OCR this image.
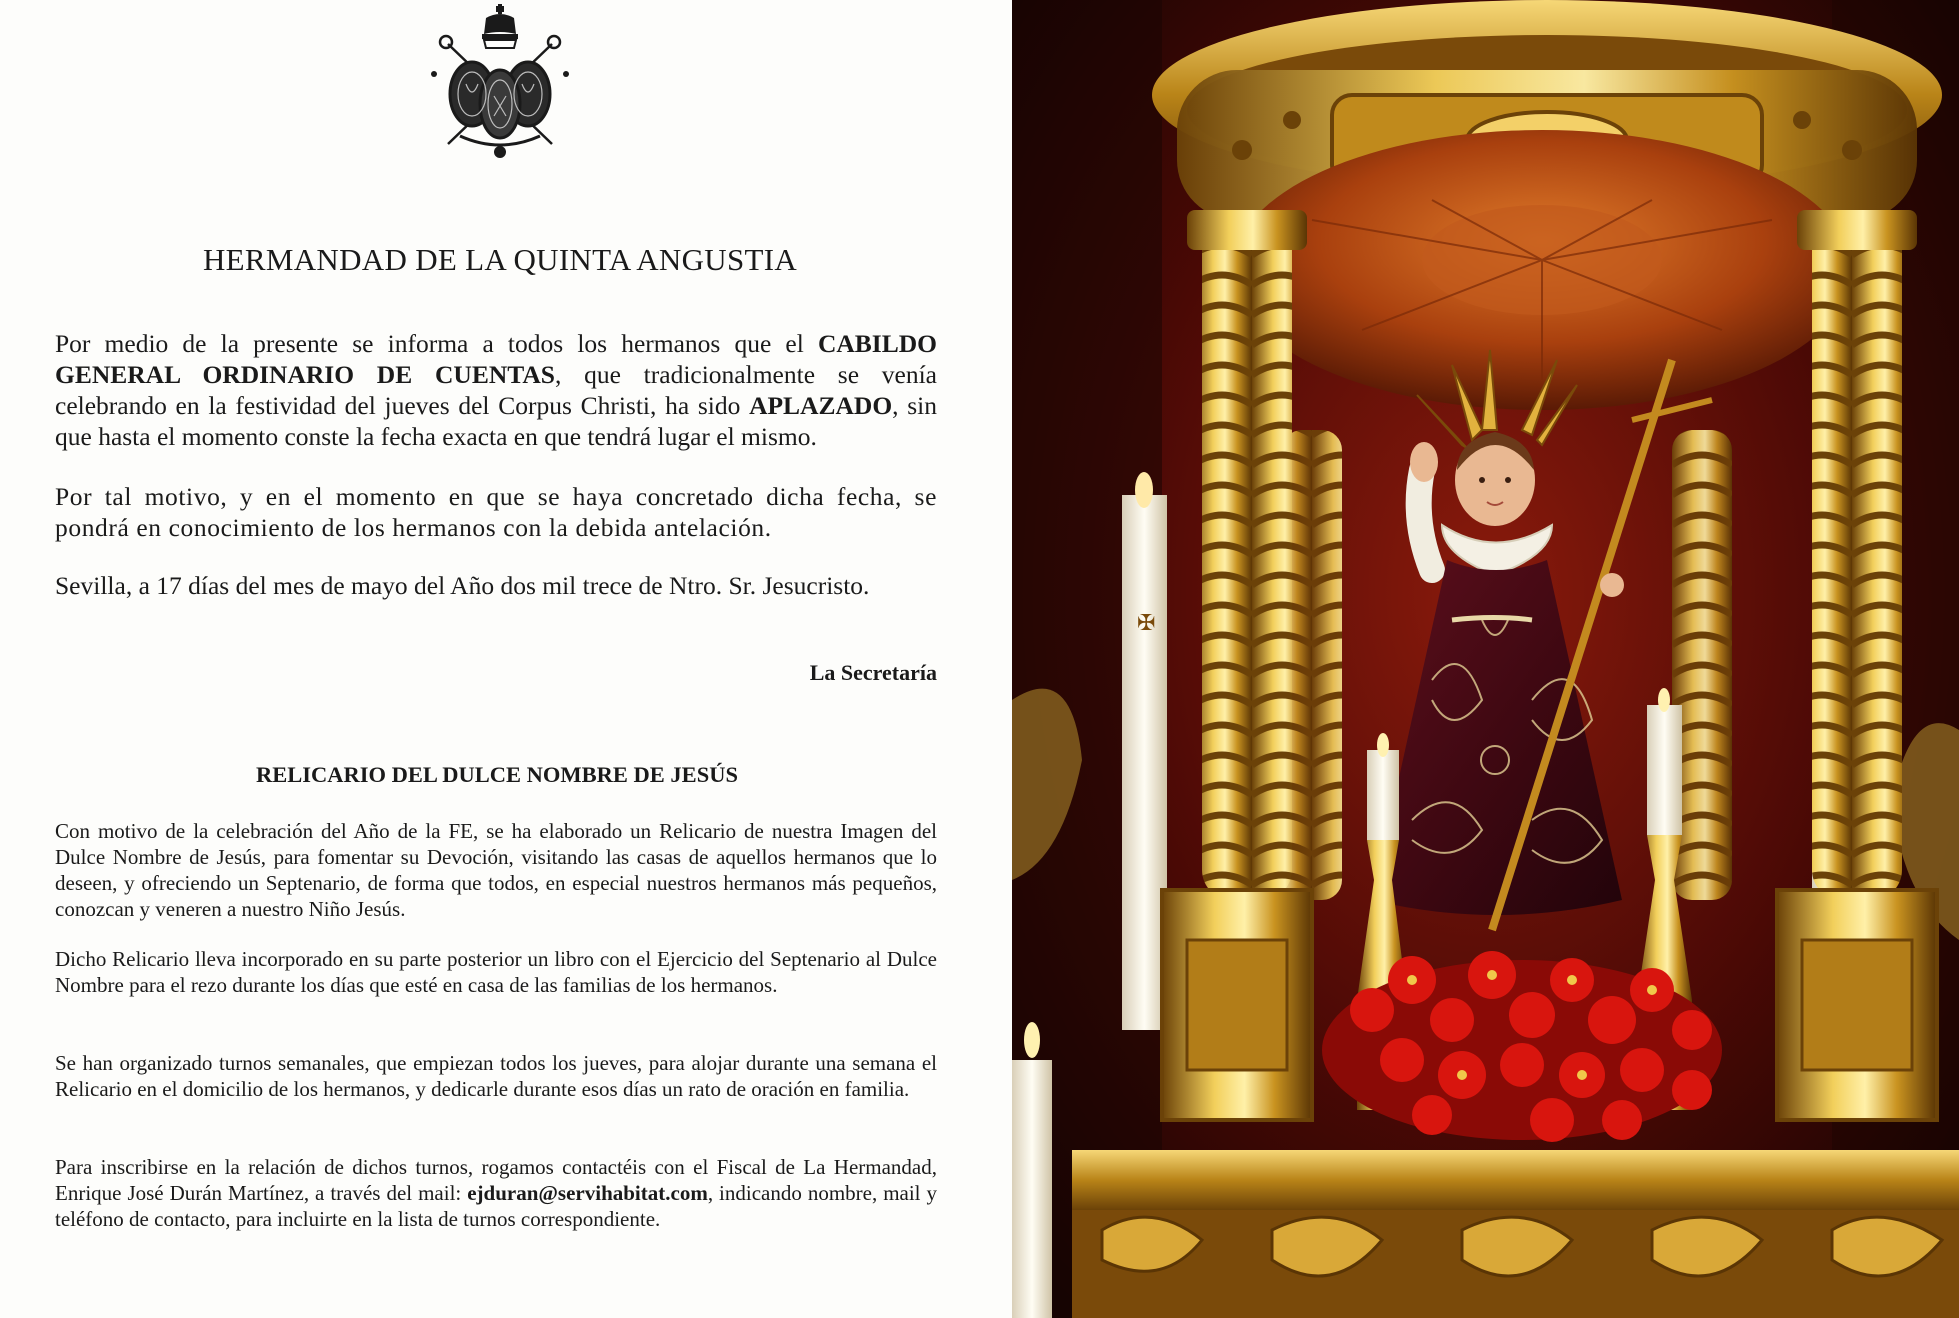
HERMANDAD DE LA QUINTA ANGUSTIA

Por medio de la presente se informa a todos los hermanos que el CABILDO GENERAL ORDINARIO DE CUENTAS, que tradicionalmente se venía celebrando en la festividad del jueves del Corpus Christi, ha sido APLAZADO, sin que hasta el momento conste la fecha exacta en que tendrá lugar el mismo.

Por tal motivo, y en el momento en que se haya concretado dicha fecha, se pondrá en conocimiento de los hermanos con la debida antelación.

Sevilla, a 17 días del mes de mayo del Año dos mil trece de Ntro. Sr. Jesucristo.

La Secretaría

RELICARIO DEL DULCE NOMBRE DE JESÚS

Con motivo de la celebración del Año de la FE, se ha elaborado un Relicario de nuestra Imagen del Dulce Nombre de Jesús, para fomentar su Devoción, visitando las casas de aquellos hermanos que lo deseen, y ofreciendo un Septenario, de forma que todos, en especial nuestros hermanos más pequeños, conozcan y veneren a nuestro Niño Jesús.

Dicho Relicario lleva incorporado en su parte posterior un libro con el Ejercicio del Septenario al Dulce Nombre para el rezo durante los días que esté en casa de las familias de los hermanos.

Se han organizado turnos semanales, que empiezan todos los jueves, para alojar durante una semana el Relicario en el domicilio de los hermanos, y dedicarle durante esos días un rato de oración en familia.

Para inscribirse en la relación de dichos turnos, rogamos contactéis con el Fiscal de La Hermandad, Enrique José Durán Martínez, a través del mail: ejduran@servihabitat.com, indicando nombre, mail y teléfono de contacto, para incluirte en la lista de turnos correspondiente.

✠
